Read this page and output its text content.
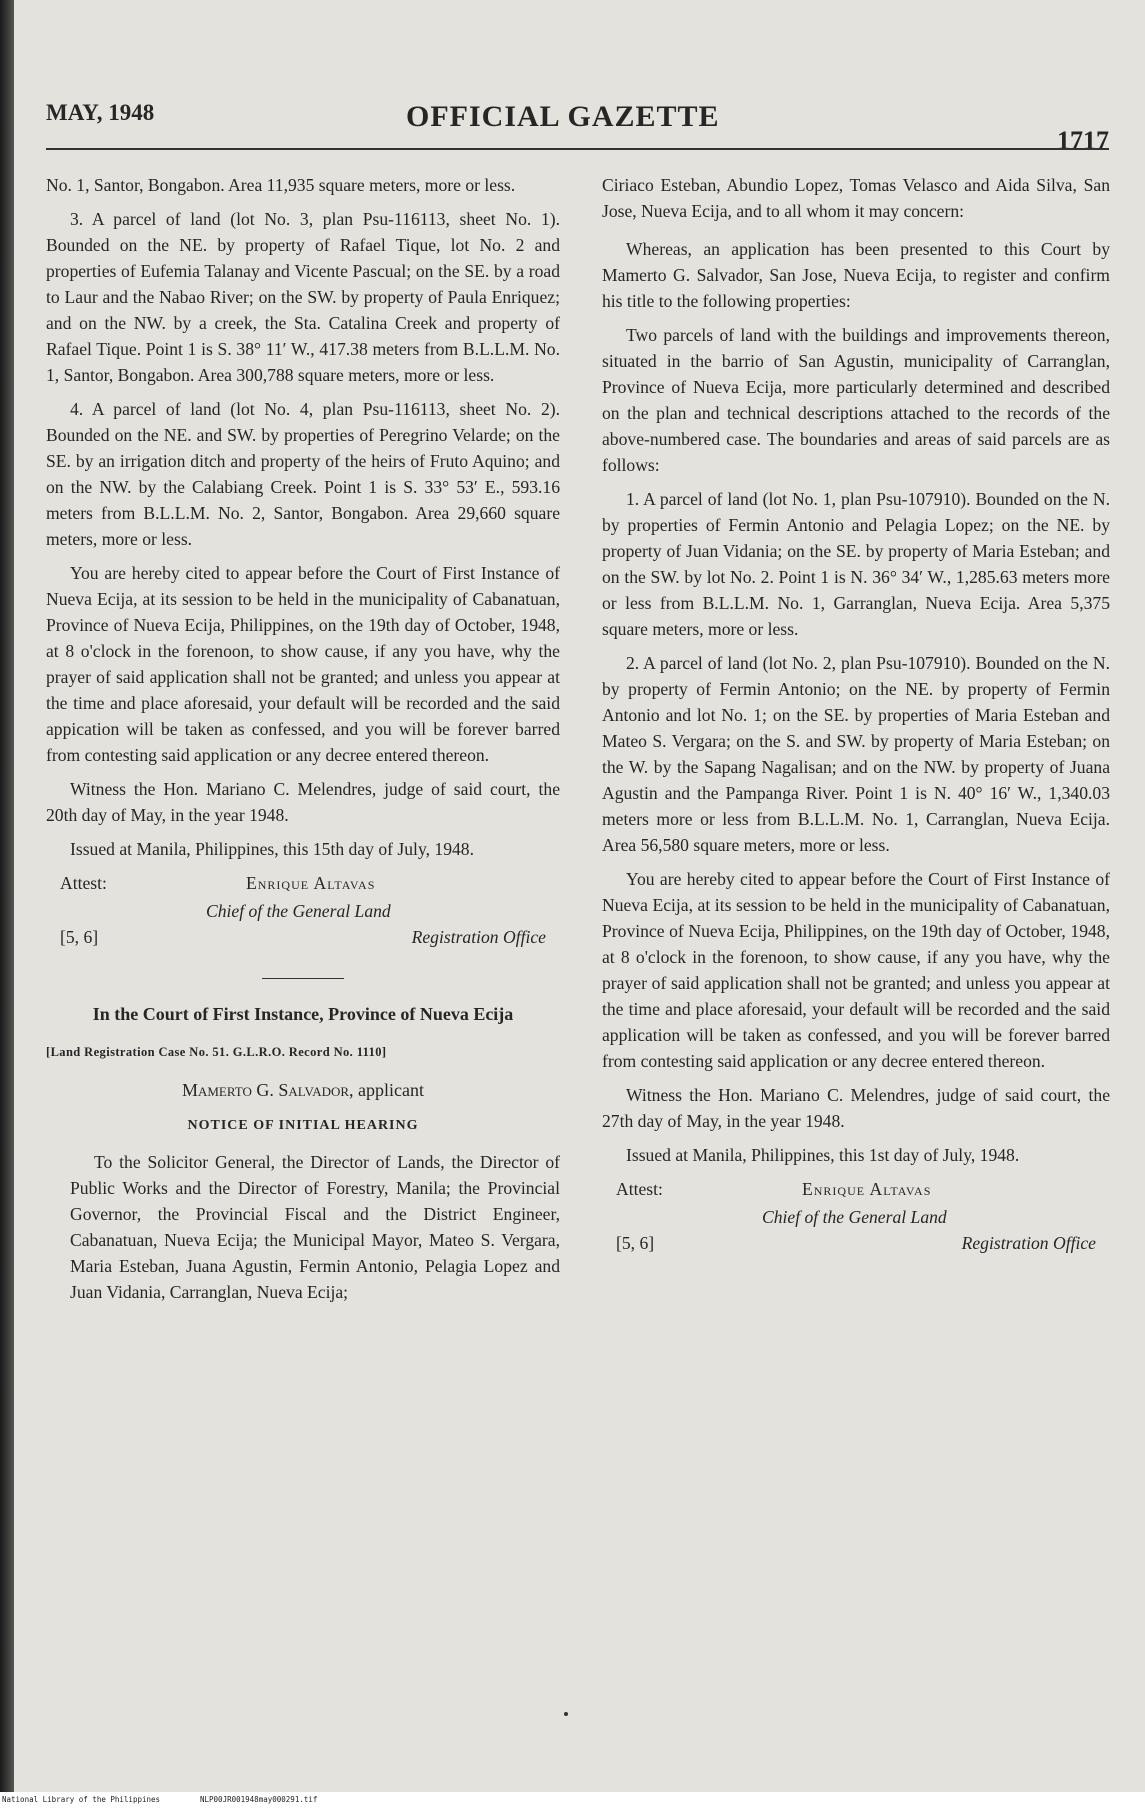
MAY, 1948	OFFICIAL GAZETTE
1717

No. 1, Santor, Bongabon. Area 11,935 square meters, more or less.

3. A parcel of land (lot No. 3, plan Psu-116113, sheet No. 1). Bounded on the NE. by property of Rafael Tique, lot No. 2 and properties of Eufemia Talanay and Vicente Pascual; on the SE. by a road to Laur and the Nabao River; on the SW. by property of Paula Enriquez; and on the NW. by a creek, the Sta. Catalina Creek and property of Rafael Tique. Point 1 is S. 38° 11′ W., 417.38 meters from B.L.L.M. No. 1, Santor, Bongabon. Area 300,788 square meters, more or less.

4. A parcel of land (lot No. 4, plan Psu-116113, sheet No. 2). Bounded on the NE. and SW. by properties of Peregrino Velarde; on the SE. by an irrigation ditch and property of the heirs of Fruto Aquino; and on the NW. by the Calabiang Creek. Point 1 is S. 33° 53′ E., 593.16 meters from B.L.L.M. No. 2, Santor, Bongabon. Area 29,660 square meters, more or less.

You are hereby cited to appear before the Court of First Instance of Nueva Ecija, at its session to be held in the municipality of Cabanatuan, Province of Nueva Ecija, Philippines, on the 19th day of October, 1948, at 8 o'clock in the forenoon, to show cause, if any you have, why the prayer of said application shall not be granted; and unless you appear at the time and place aforesaid, your default will be recorded and the said appication will be taken as confessed, and you will be forever barred from contesting said application or any decree entered thereon.

Witness the Hon. Mariano C. Melendres, judge of said court, the 20th day of May, in the year 1948.

Issued at Manila, Philippines, this 15th day of July, 1948.

Attest:	Enrique Altavas
Chief of the General Land
[5, 6]	Registration Office
In the Court of First Instance, Province of Nueva Ecija
[Land Registration Case No. 51. G.L.R.O. Record No. 1110]
Mamerto G. Salvador, applicant
NOTICE OF INITIAL HEARING

To the Solicitor General, the Director of Lands, the Director of Public Works and the Director of Forestry, Manila; the Provincial Governor, the Provincial Fiscal and the District Engineer, Cabanatuan, Nueva Ecija; the Municipal Mayor, Mateo S. Vergara, Maria Esteban, Juana Agustin, Fermin Antonio, Pelagia Lopez and Juan Vidania, Carranglan, Nueva Ecija;

Ciriaco Esteban, Abundio Lopez, Tomas Velasco and Aida Silva, San Jose, Nueva Ecija, and to all whom it may concern:

Whereas, an application has been presented to this Court by Mamerto G. Salvador, San Jose, Nueva Ecija, to register and confirm his title to the following properties:

Two parcels of land with the buildings and improvements thereon, situated in the barrio of San Agustin, municipality of Carranglan, Province of Nueva Ecija, more particularly determined and described on the plan and technical descriptions attached to the records of the above-numbered case. The boundaries and areas of said parcels are as follows:

1. A parcel of land (lot No. 1, plan Psu-107910). Bounded on the N. by properties of Fermin Antonio and Pelagia Lopez; on the NE. by property of Juan Vidania; on the SE. by property of Maria Esteban; and on the SW. by lot No. 2. Point 1 is N. 36° 34′ W., 1,285.63 meters more or less from B.L.L.M. No. 1, Garranglan, Nueva Ecija. Area 5,375 square meters, more or less.

2. A parcel of land (lot No. 2, plan Psu-107910). Bounded on the N. by property of Fermin Antonio; on the NE. by property of Fermin Antonio and lot No. 1; on the SE. by properties of Maria Esteban and Mateo S. Vergara; on the S. and SW. by property of Maria Esteban; on the W. by the Sapang Nagalisan; and on the NW. by property of Juana Agustin and the Pampanga River. Point 1 is N. 40° 16′ W., 1,340.03 meters more or less from B.L.L.M. No. 1, Carranglan, Nueva Ecija. Area 56,580 square meters, more or less.

You are hereby cited to appear before the Court of First Instance of Nueva Ecija, at its session to be held in the municipality of Cabanatuan, Province of Nueva Ecija, Philippines, on the 19th day of October, 1948, at 8 o'clock in the forenoon, to show cause, if any you have, why the prayer of said application shall not be granted; and unless you appear at the time and place aforesaid, your default will be recorded and the said application will be taken as confessed, and you will be forever barred from contesting said application or any decree entered thereon.

Witness the Hon. Mariano C. Melendres, judge of said court, the 27th day of May, in the year 1948.

Issued at Manila, Philippines, this 1st day of July, 1948.

Attest:	Enrique Altavas
Chief of the General Land
[5, 6]	Registration Office
National Library of the Philippines	NLP00JR001948may000291.tif
